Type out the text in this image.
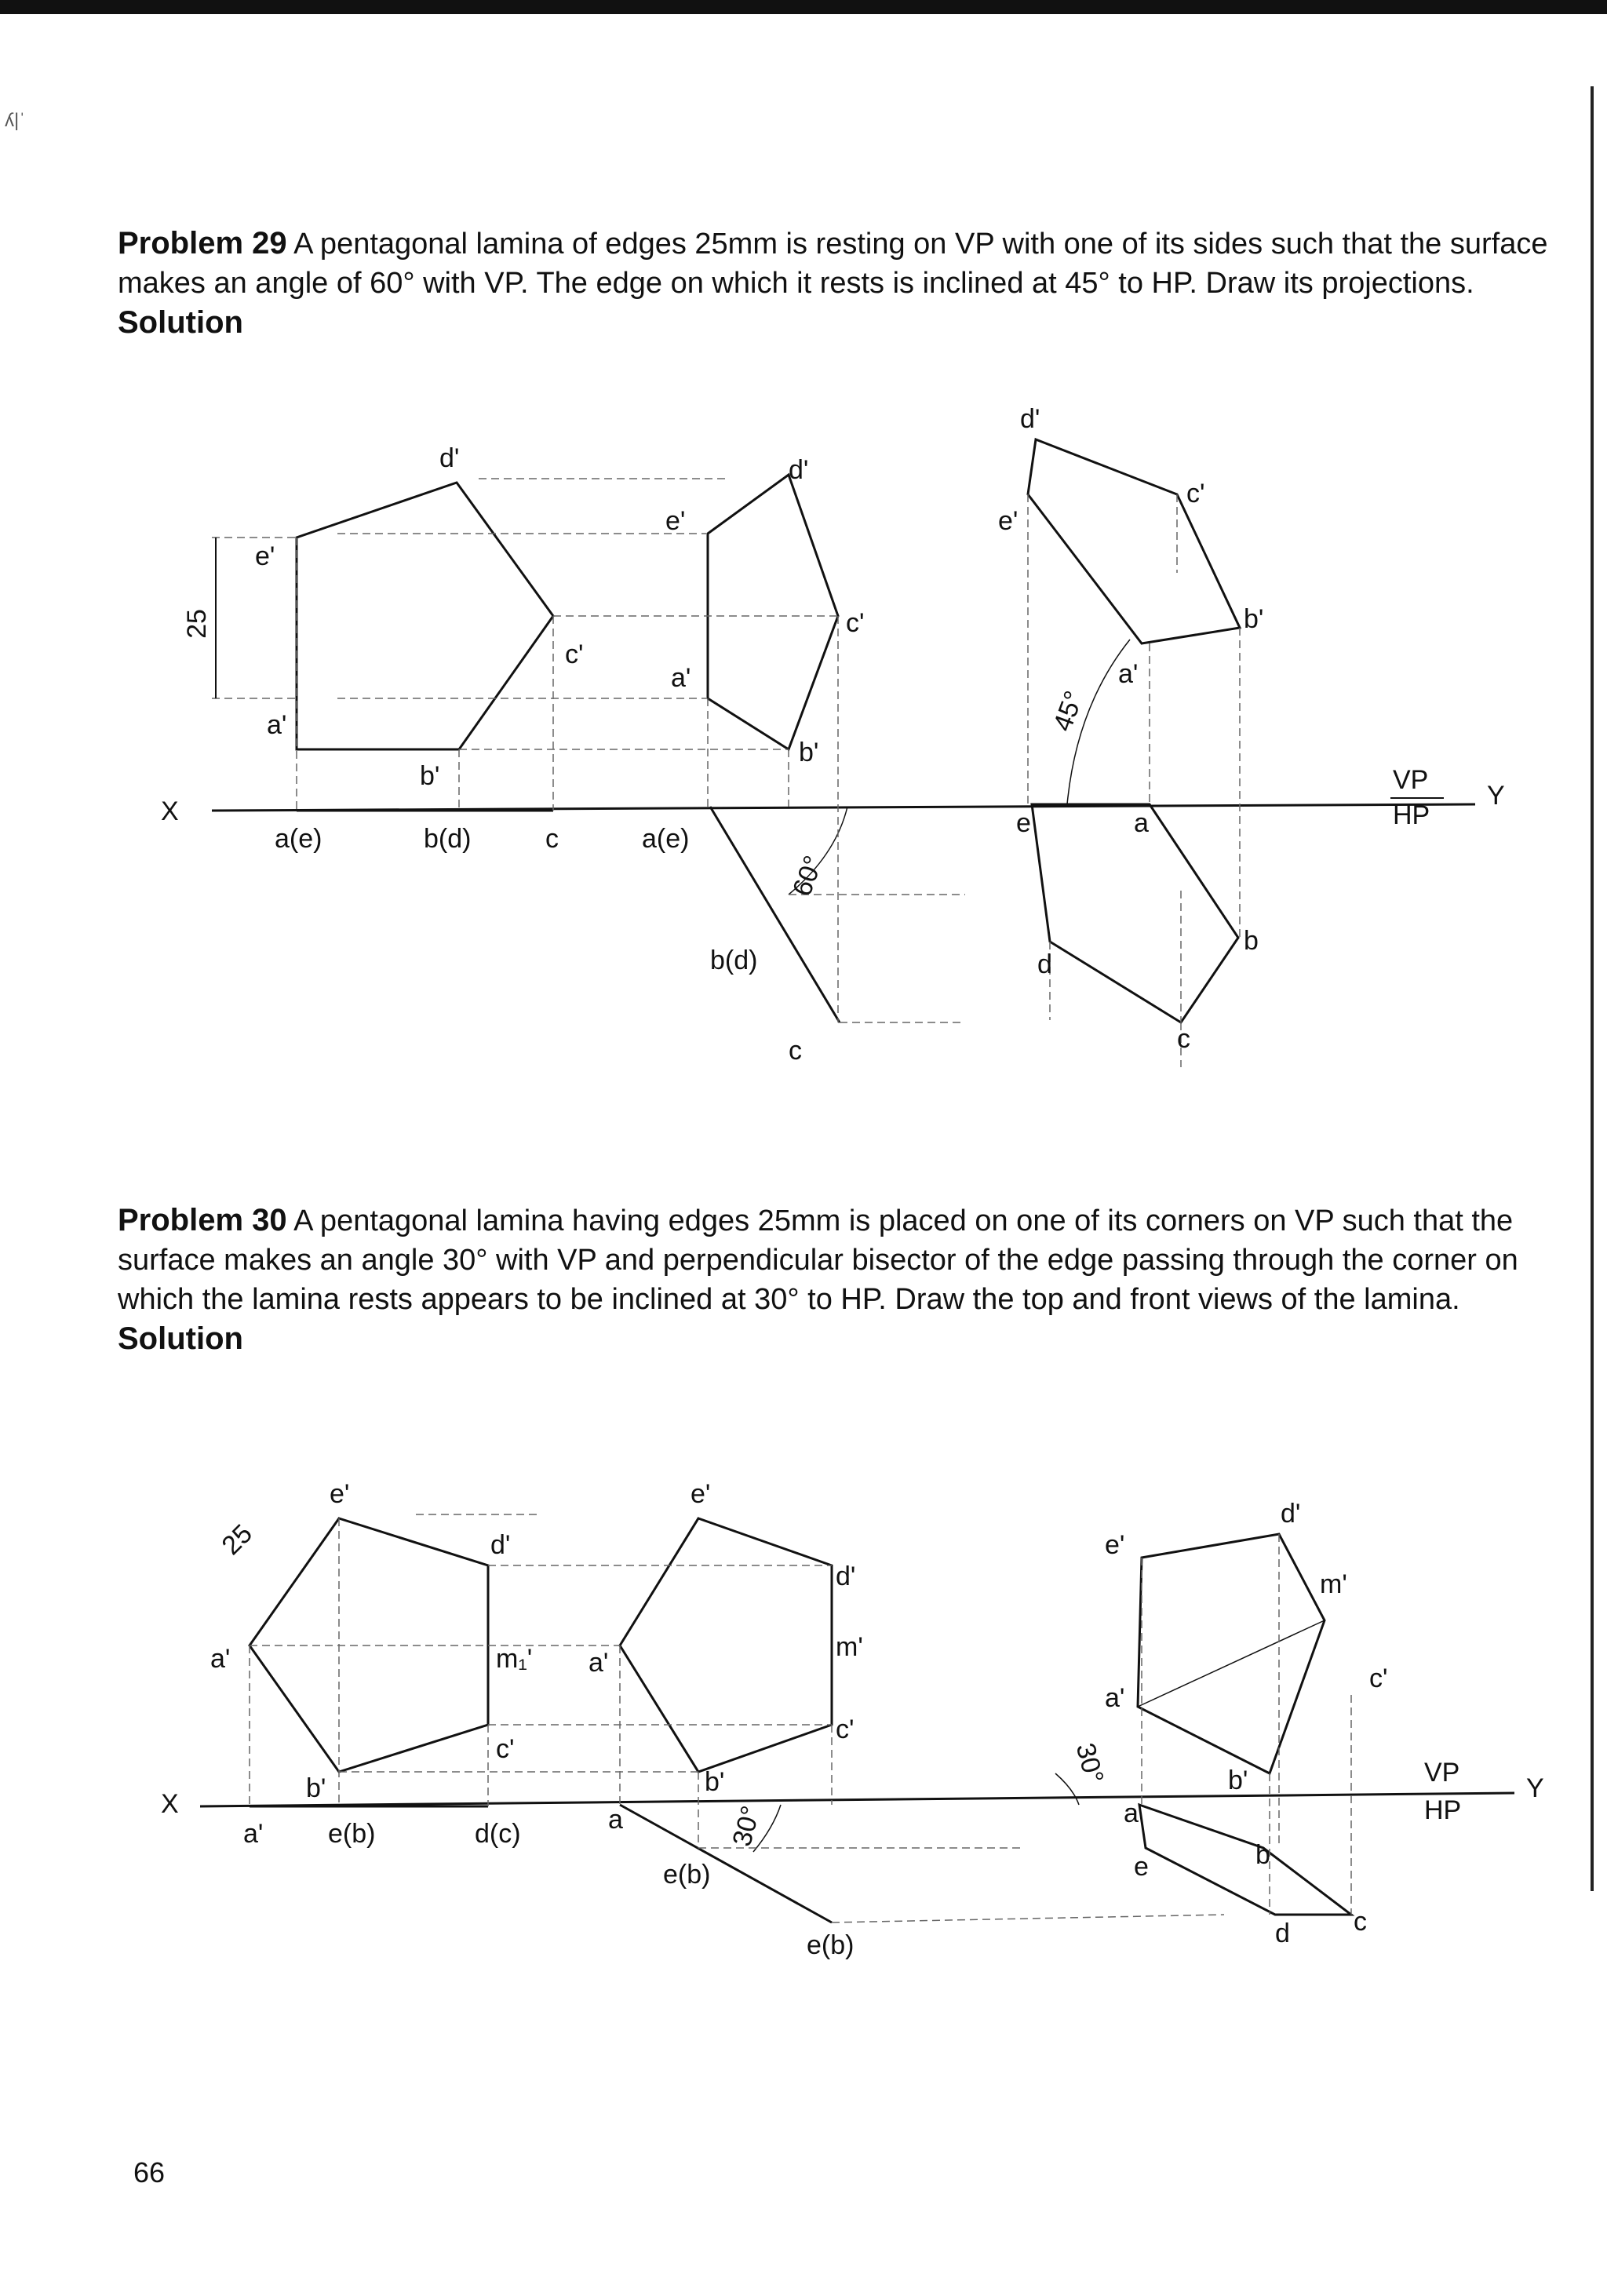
ʎ|ˈ
Problem 29 A pentagonal lamina of edges 25mm is resting on VP with one of its sides such that the surface makes an angle of 60° with VP. The edge on which it rests is inclined at 45° to HP. Draw its projections.
Solution
25
X
Y
VP
HP
e'
d'
c'
a'
b'
a(e)	b(d)	c
e'
d'
c'
a'
b'
a(e)
b(d)
c
60°
d'
e'
c'
a'
b'
45°
e	a
d
b
c
Problem 30 A pentagonal lamina having edges 25mm is placed on one of its corners on VP such that the surface makes an angle 30° with VP and perpendicular bisector of the edge passing through the corner on which the lamina rests appears to be inclined at 30° to HP. Draw the top and front views of the lamina.
Solution
X
Y
VP
HP
25
30°
30°
e'
d'
a'	m₁'
c'
b'
a' e(b)	d(c)
e'
d'
a'
m'
c'
b'
a
e(b)
e(b)
d'
e'
m'
a'
c'
b'
a
e	b
d c
66
